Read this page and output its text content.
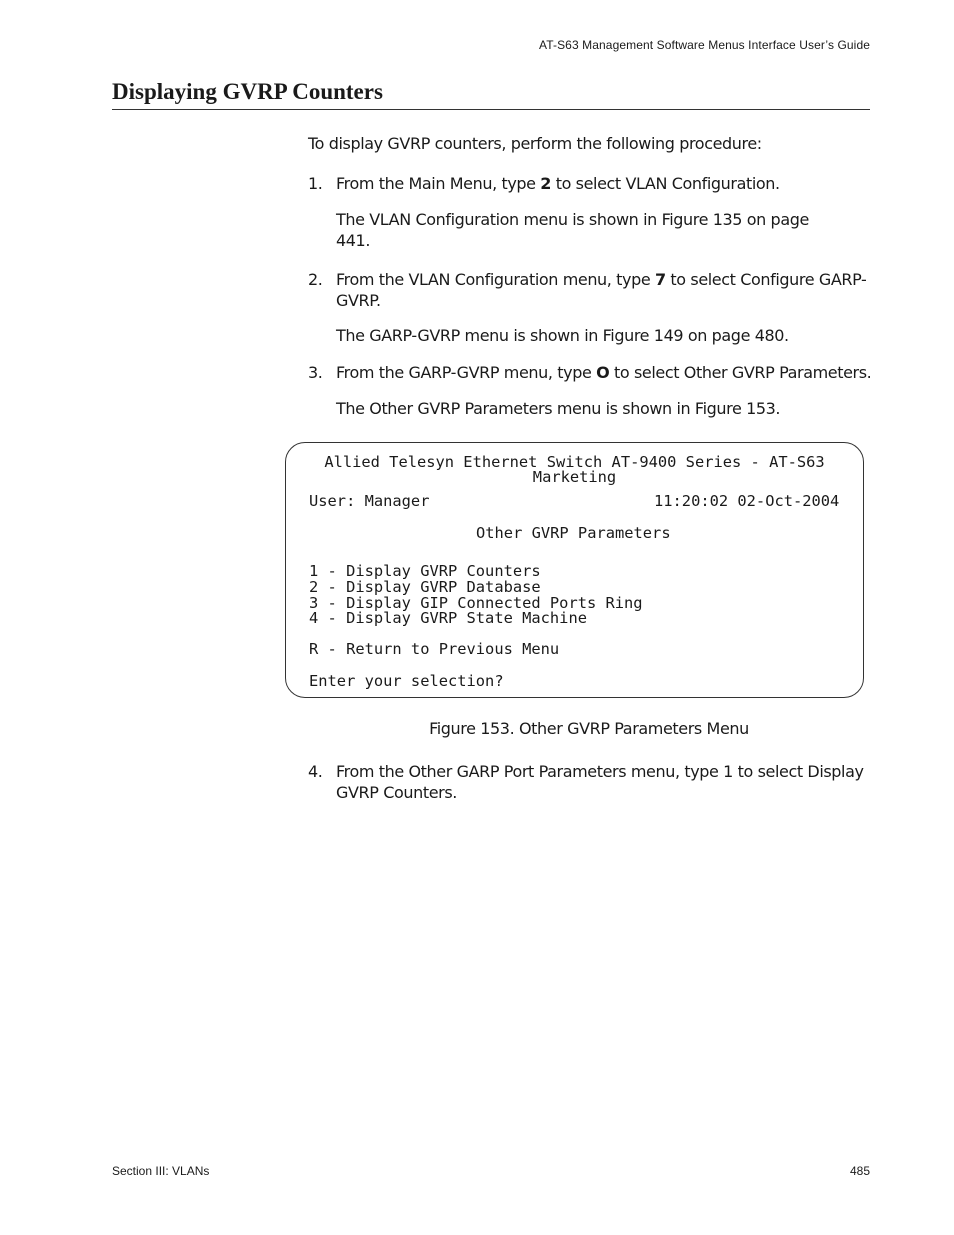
AT-S63 Management Software Menus Interface User’s Guide
Displaying GVRP Counters

To display GVRP counters, perform the following procedure:

1. From the Main Menu, type 2 to select VLAN Configuration.

The VLAN Configuration menu is shown in Figure 135 on page 441.

2. From the VLAN Configuration menu, type 7 to select Configure GARP-GVRP.

The GARP-GVRP menu is shown in Figure 149 on page 480.

3. From the GARP-GVRP menu, type O to select Other GVRP Parameters.

The Other GVRP Parameters menu is shown in Figure 153.

Allied Telesyn Ethernet Switch AT-9400 Series - AT-S63
Marketing
User: Manager	11:20:02 02-Oct-2004
Other GVRP Parameters
1 - Display GVRP Counters
2 - Display GVRP Database
3 - Display GIP Connected Ports Ring
4 - Display GVRP State Machine
R - Return to Previous Menu
Enter your selection?
Figure 153. Other GVRP Parameters Menu
4. From the Other GARP Port Parameters menu, type 1 to select Display GVRP Counters.

Section III: VLANs	485
